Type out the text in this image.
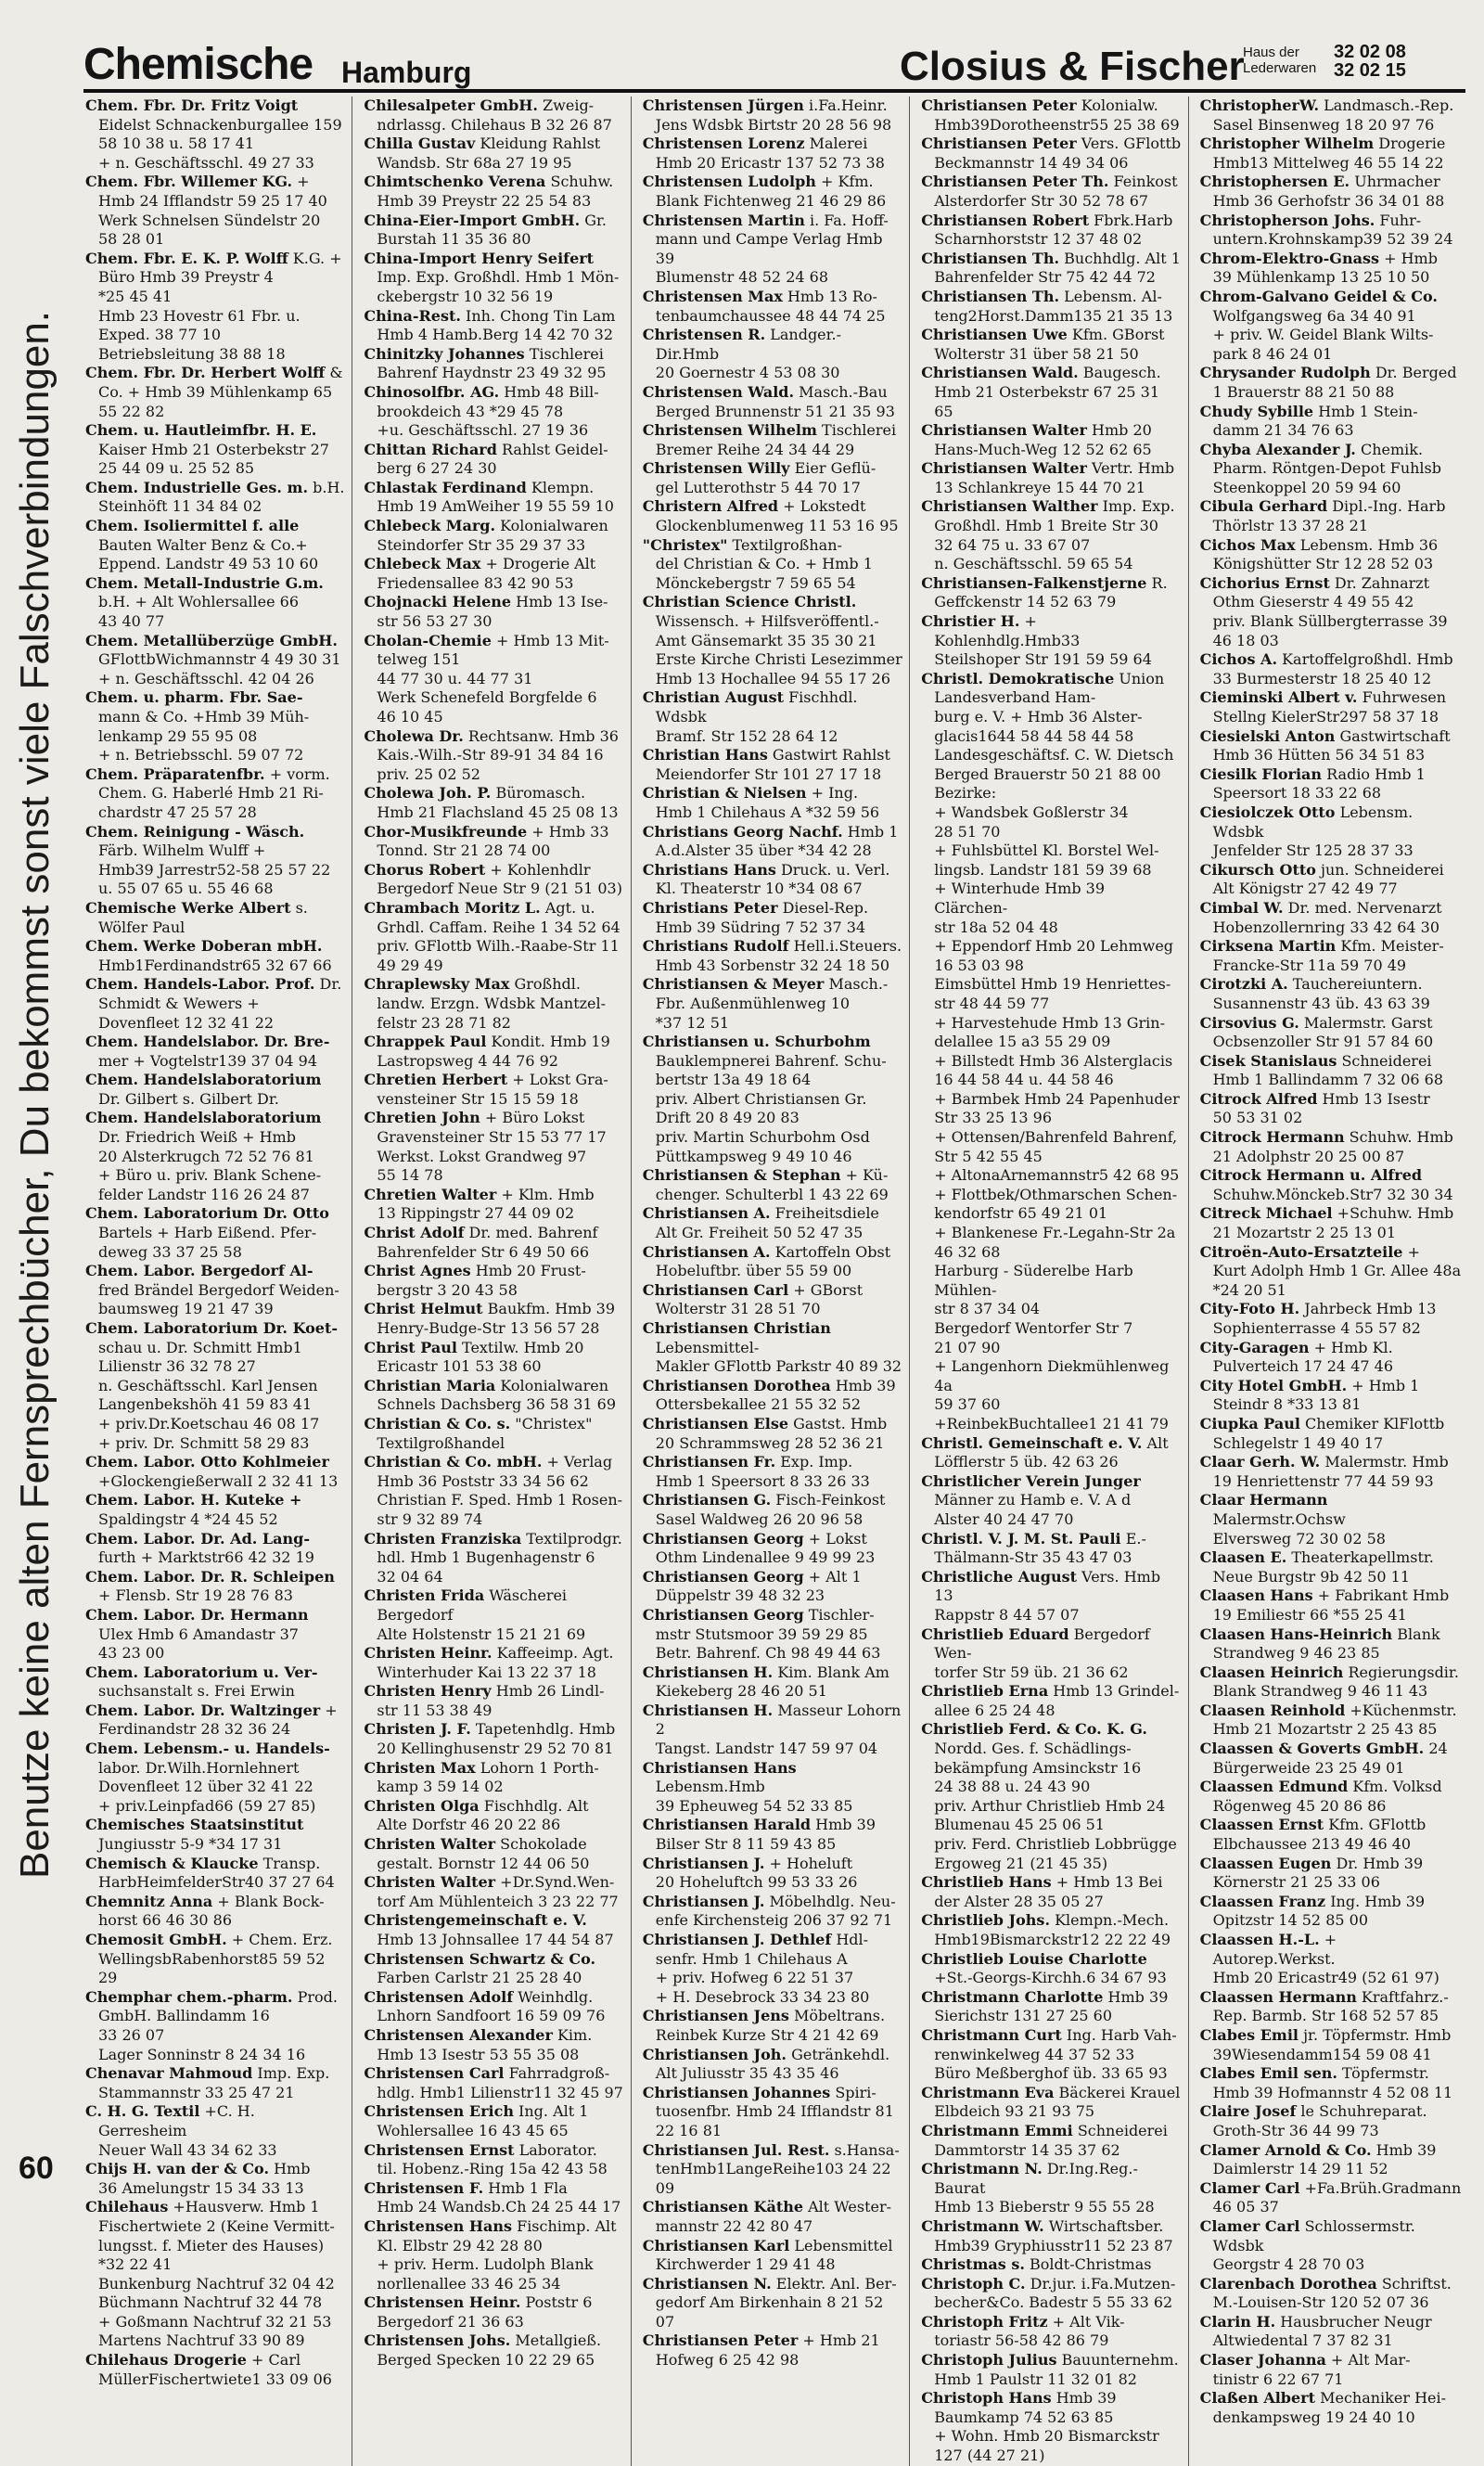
Chemische Hamburg	Closius & Fischer
Haus der Lederwaren
32 02 08
32 02 15
Benutze keine alten Fernsprechbücher, Du bekommst sonst viele Falschverbindungen.
60
Chem. Fbr. Dr. Fritz Voigt Eidelst Schnackenburgallee 159
58 10 38 u. 58 17 41
+ n. Geschäftsschl. 49 27 33
Chem. Fbr. Willemer KG. + Hmb 24 Ifflandstr 59 25 17 40
Werk Schnelsen Sündelstr 20
58 28 01
Chem. Fbr. E. K. P. Wolff K.G. + Büro Hmb 39 Preystr 4
*25 45 41
Hmb 23 Hovestr 61 Fbr. u.
Exped. 38 77 10
Betriebsleitung 38 88 18
Chem. Fbr. Dr. Herbert Wolff & Co. + Hmb 39 Mühlenkamp 65
55 22 82
Chem. u. Hautleimfbr. H. E. Kaiser Hmb 21 Osterbekstr 27
25 44 09 u. 25 52 85
Chem. Industrielle Ges. m. b.H. Steinhöft 11 34 84 02
Chem. Isoliermittel f. alle Bauten Walter Benz & Co.+
Eppend. Landstr 49 53 10 60
Chem. Metall-Industrie G.m. b.H. + Alt Wohlersallee 66
43 40 77
Chem. Metallüberzüge GmbH. GFlottbWichmannstr 4 49 30 31
+ n. Geschäftsschl. 42 04 26
Chem. u. pharm. Fbr. Sae- mann & Co. +Hmb 39 Müh-
lenkamp 29 55 95 08
+ n. Betriebsschl. 59 07 72
Chem. Präparatenfbr. + vorm.
Chem. G. Haberlé Hmb 21 Ri-
chardstr 47 25 57 28
Chem. Reinigung - Wäsch. Färb. Wilhelm Wulff +
Hmb39 Jarrestr52-58 25 57 22
u. 55 07 65 u. 55 46 68
Chemische Werke Albert s. Wölfer Paul
Chem. Werke Doberan mbH. Hmb1Ferdinandstr65 32 67 66
Chem. Handels-Labor. Prof. Dr. Schmidt & Wewers +
Dovenfleet 12 32 41 22
Chem. Handelslabor. Dr. Bre- mer + Vogtelstr139 37 04 94
Chem. Handelslaboratorium Dr. Gilbert s. Gilbert Dr.
Chem. Handelslaboratorium Dr. Friedrich Weiß + Hmb
20 Alsterkrugch 72 52 76 81
+ Büro u. priv. Blank Schene-
felder Landstr 116 26 24 87
Chem. Laboratorium Dr. Otto Bartels + Harb Eißend. Pfer-
deweg 33 37 25 58
Chem. Labor. Bergedorf Al- fred Brändel Bergedorf Weiden-
baumsweg 19 21 47 39
Chem. Laboratorium Dr. Koet- schau u. Dr. Schmitt Hmb1
Lilienstr 36 32 78 27
n. Geschäftsschl. Karl Jensen
Langenbekshöh 41 59 83 41
+ priv.Dr.Koetschau 46 08 17
+ priv. Dr. Schmitt 58 29 83
Chem. Labor. Otto Kohlmeier +GlockengießerwalI 2 32 41 13
Chem. Labor. H. Kuteke + Spaldingstr 4 *24 45 52
Chem. Labor. Dr. Ad. Lang- furth + Marktstr66 42 32 19
Chem. Labor. Dr. R. Schleipen + Flensb. Str 19 28 76 83
Chem. Labor. Dr. Hermann Ulex Hmb 6 Amandastr 37
43 23 00
Chem. Laboratorium u. Ver- suchsanstalt s. Frei Erwin
Chem. Labor. Dr. Waltzinger + Ferdinandstr 28 32 36 24
Chem. Lebensm.- u. Handels- labor. Dr.Wilh.Hornlehnert
Dovenfleet 12 über 32 41 22
+ priv.Leinpfad66 (59 27 85)
Chemisches Staatsinstitut Jungiusstr 5-9 *34 17 31
Chemisch & Klaucke Transp.
HarbHeimfelderStr40 37 27 64
Chemnitz Anna + Blank Bock-
horst 66 46 30 86
Chemosit GmbH. + Chem. Erz.
WellingsbRabenhorst85 59 52 29
Chemphar chem.-pharm. Prod. GmbH. Ballindamm 16
33 26 07
Lager Sonninstr 8 24 34 16
Chenavar Mahmoud Imp. Exp.
Stammannstr 33 25 47 21
C. H. G. Textil +C. H. Gerresheim
Neuer Wall 43 34 62 33
Chijs H. van der & Co. Hmb
36 Amelungstr 15 34 33 13
Chilehaus +Hausverw. Hmb 1
Fischertwiete 2 (Keine Vermitt-
lungsst. f. Mieter des Hauses)
*32 22 41
Bunkenburg Nachtruf 32 04 42
Büchmann Nachtruf 32 44 78
+ Goßmann Nachtruf 32 21 53
Martens Nachtruf 33 90 89
Chilehaus Drogerie + Carl
MüllerFischertwiete1 33 09 06
Chilesalpeter GmbH. Zweig-
ndrlassg. Chilehaus B 32 26 87
Chilla Gustav Kleidung Rahlst
Wandsb. Str 68a 27 19 95
Chimtschenko Verena Schuhw.
Hmb 39 Preystr 22 25 54 83
China-Eier-Import GmbH. Gr.
Burstah 11 35 36 80
China-Import Henry Seifert Imp. Exp. Großhdl. Hmb 1 Mön-
ckebergstr 10 32 56 19
China-Rest. Inh. Chong Tin Lam
Hmb 4 Hamb.Berg 14 42 70 32
Chinitzky Johannes Tischlerei
Bahrenf Haydnstr 23 49 32 95
Chinosolfbr. AG. Hmb 48 Bill-
brookdeich 43 *29 45 78
+u. Geschäftsschl. 27 19 36
Chittan Richard Rahlst Geidel-
berg 6 27 24 30
Chlastak Ferdinand Klempn.
Hmb 19 AmWeiher 19 55 59 10
Chlebeck Marg. Kolonialwaren
Steindorfer Str 35 29 37 33
Chlebeck Max + Drogerie Alt
Friedensallee 83 42 90 53
Chojnacki Helene Hmb 13 Ise-
str 56 53 27 30
Cholan-Chemie + Hmb 13 Mit-
telweg 151
44 77 30 u. 44 77 31
Werk Schenefeld Borgfelde 6
46 10 45
Cholewa Dr. Rechtsanw. Hmb 36
Kais.-Wilh.-Str 89-91 34 84 16
priv. 25 02 52
Cholewa Joh. P. Büromasch.
Hmb 21 Flachsland 45 25 08 13
Chor-Musikfreunde + Hmb 33
Tonnd. Str 21 28 74 00
Chorus Robert + Kohlenhdlr
Bergedorf Neue Str 9 (21 51 03)
Chrambach Moritz L. Agt. u.
Grhdl. Caffam. Reihe 1 34 52 64
priv. GFlottb Wilh.-Raabe-Str 11
49 29 49
Chraplewsky Max Großhdl.
landw. Erzgn. Wdsbk Mantzel-
felstr 23 28 71 82
Chrappek Paul Kondit. Hmb 19
Lastropsweg 4 44 76 92
Chretien Herbert + Lokst Gra-
vensteiner Str 15 15 59 18
Chretien John + Büro Lokst
Gravensteiner Str 15 53 77 17
Werkst. Lokst Grandweg 97
55 14 78
Chretien Walter + Klm. Hmb
13 Rippingstr 27 44 09 02
Christ Adolf Dr. med. Bahrenf
Bahrenfelder Str 6 49 50 66
Christ Agnes Hmb 20 Frust-
bergstr 3 20 43 58
Christ Helmut Baukfm. Hmb 39
Henry-Budge-Str 13 56 57 28
Christ Paul Textilw. Hmb 20
Ericastr 101 53 38 60
Christian Maria Kolonialwaren
Schnels Dachsberg 36 58 31 69
Christian & Co. s. "Christex"
Textilgroßhandel
Christian & Co. mbH. + Verlag
Hmb 36 Poststr 33 34 56 62
Christian F. Sped. Hmb 1 Rosen-
str 9 32 89 74
Christen Franziska Textilprodgr.
hdl. Hmb 1 Bugenhagenstr 6
32 04 64
Christen Frida Wäscherei Bergedorf
Alte Holstenstr 15 21 21 69
Christen Heinr. Kaffeeimp. Agt.
Winterhuder Kai 13 22 37 18
Christen Henry Hmb 26 Lindl-
str 11 53 38 49
Christen J. F. Tapetenhdlg. Hmb
20 Kellinghusenstr 29 52 70 81
Christen Max Lohorn 1 Porth-
kamp 3 59 14 02
Christen Olga Fischhdlg. Alt
Alte Dorfstr 46 20 22 86
Christen Walter Schokolade
gestalt. Bornstr 12 44 06 50
Christen Walter +Dr.Synd.Wen-
torf Am Mühlenteich 3 23 22 77
Christengemeinschaft e. V. Hmb 13 Johnsallee 17 44 54 87
Christensen Schwartz & Co. Farben Carlstr 21 25 28 40
Christensen Adolf Weinhdlg.
Lnhorn Sandfoort 16 59 09 76
Christensen Alexander Kim.
Hmb 13 Isestr 53 55 35 08
Christensen Carl Fahrradgroß-
hdlg. Hmb1 Lilienstr11 32 45 97
Christensen Erich Ing. Alt 1
Wohlersallee 16 43 45 65
Christensen Ernst Laborator.
til. Hobenz.-Ring 15a 42 43 58
Christensen F. Hmb 1 Fla
Hmb 24 Wandsb.Ch 24 25 44 17
Christensen Hans Fischimp. Alt
Kl. Elbstr 29 42 28 80
+ priv. Herm. Ludolph Blank
norllenallee 33 46 25 34
Christensen Heinr. Poststr 6
Bergedorf 21 36 63
Christensen Johs. Metallgieß.
Berged Specken 10 22 29 65
Christensen Jürgen i.Fa.Heinr.
Jens Wdsbk Birtstr 20 28 56 98
Christensen Lorenz Malerei
Hmb 20 Ericastr 137 52 73 38
Christensen Ludolph + Kfm.
Blank Fichtenweg 21 46 29 86
Christensen Martin i. Fa. Hoff-
mann und Campe Verlag Hmb 39
Blumenstr 48 52 24 68
Christensen Max Hmb 13 Ro-
tenbaumchaussee 48 44 74 25
Christensen R. Landger.-Dir.Hmb
20 Goernestr 4 53 08 30
Christensen Wald. Masch.-Bau
Berged Brunnenstr 51 21 35 93
Christensen Wilhelm Tischlerei
Bremer Reihe 24 34 44 29
Christensen Willy Eier Geflü-
gel Lutterothstr 5 44 70 17
Christern Alfred + Lokstedt
Glockenblumenweg 11 53 16 95
"Christex" Textilgroßhan-
del Christian & Co. + Hmb 1
Mönckebergstr 7 59 65 54
Christian Science Christl. Wissensch. + Hilfsveröffentl.-
Amt Gänsemarkt 35 35 30 21
Erste Kirche Christi Lesezimmer
Hmb 13 Hochallee 94 55 17 26
Christian August Fischhdl. Wdsbk
Bramf. Str 152 28 64 12
Christian Hans Gastwirt Rahlst
Meiendorfer Str 101 27 17 18
Christian & Nielsen + Ing.
Hmb 1 Chilehaus A *32 59 56
Christians Georg Nachf. Hmb 1
A.d.Alster 35 über *34 42 28
Christians Hans Druck. u. Verl.
Kl. Theaterstr 10 *34 08 67
Christians Peter Diesel-Rep.
Hmb 39 Südring 7 52 37 34
Christians Rudolf Hell.i.Steuers.
Hmb 43 Sorbenstr 32 24 18 50
Christiansen & Meyer Masch.-
Fbr. Außenmühlenweg 10
*37 12 51
Christiansen u. Schurbohm Bauklempnerei Bahrenf. Schu-
bertstr 13a 49 18 64
priv. Albert Christiansen Gr.
Drift 20 8 49 20 83
priv. Martin Schurbohm Osd
Püttkampsweg 9 49 10 46
Christiansen & Stephan + Kü-
chenger. Schulterbl 1 43 22 69
Christiansen A. Freiheitsdiele
Alt Gr. Freiheit 50 52 47 35
Christiansen A. Kartoffeln Obst
Hobeluftbr. über 55 59 00
Christiansen Carl + GBorst
Wolterstr 31 28 51 70
Christiansen Christian Lebensmittel-
Makler GFlottb Parkstr 40 89 32
Christiansen Dorothea Hmb 39
Ottersbekallee 21 55 32 52
Christiansen Else Gastst. Hmb
20 Schrammsweg 28 52 36 21
Christiansen Fr. Exp. Imp.
Hmb 1 Speersort 8 33 26 33
Christiansen G. Fisch-Feinkost
Sasel Waldweg 26 20 96 58
Christiansen Georg + Lokst
Othm Lindenallee 9 49 99 23
Christiansen Georg + Alt 1 Düppelstr 39 48 32 23
Christiansen Georg Tischler-
mstr Stutsmoor 39 59 29 85
Betr. Bahrenf. Ch 98 49 44 63
Christiansen H. Kim. Blank Am
Kiekeberg 28 46 20 51
Christiansen H. Masseur Lohorn 2
Tangst. Landstr 147 59 97 04
Christiansen Hans Lebensm.Hmb
39 Epheuweg 54 52 33 85
Christiansen Harald Hmb 39
Bilser Str 8 11 59 43 85
Christiansen J. + Hoheluft
20 Hoheluftch 99 53 33 26
Christiansen J. Möbelhdlg. Neu-
enfe Kirchensteig 206 37 92 71
Christiansen J. Dethlef Hdl-
senfr. Hmb 1 Chilehaus A
+ priv. Hofweg 6 22 51 37
+ H. Desebrock 33 34 23 80
Christiansen Jens Möbeltrans.
Reinbek Kurze Str 4 21 42 69
Christiansen Joh. Getränkehdl.
Alt Juliusstr 35 43 35 46
Christiansen Johannes Spiri-
tuosenfbr. Hmb 24 Ifflandstr 81
22 16 81
Christiansen Jul. Rest. s.Hansa-
tenHmb1LangeReihe103 24 22 09
Christiansen Käthe Alt Wester-
mannstr 22 42 80 47
Christiansen Karl Lebensmittel
Kirchwerder 1 29 41 48
Christiansen N. Elektr. Anl. Ber-
gedorf Am Birkenhain 8 21 52 07
Christiansen Peter + Hmb 21
Hofweg 6 25 42 98
Christiansen Peter Kolonialw.
Hmb39Dorotheenstr55 25 38 69
Christiansen Peter Vers. GFlottb
Beckmannstr 14 49 34 06
Christiansen Peter Th. Feinkost
Alsterdorfer Str 30 52 78 67
Christiansen Robert Fbrk.Harb
Scharnhorststr 12 37 48 02
Christiansen Th. Buchhdlg. Alt 1
Bahrenfelder Str 75 42 44 72
Christiansen Th. Lebensm. Al-
teng2Horst.Damm135 21 35 13
Christiansen Uwe Kfm. GBorst
Wolterstr 31 über 58 21 50
Christiansen Wald. Baugesch.
Hmb 21 Osterbekstr 67 25 31 65
Christiansen Walter Hmb 20
Hans-Much-Weg 12 52 62 65
Christiansen Walter Vertr. Hmb
13 Schlankreye 15 44 70 21
Christiansen Walther Imp. Exp.
Großhdl. Hmb 1 Breite Str 30
32 64 75 u. 33 67 07
n. Geschäftsschl. 59 65 54
Christiansen-Falkenstjerne R. Geffckenstr 14 52 63 79
Christier H. + Kohlenhdlg.Hmb33
Steilshoper Str 191 59 59 64
Christl. Demokratische Union Landesverband Ham-
burg e. V. + Hmb 36 Alster-
glacis1644 58 44 58 44 58
Landesgeschäftsf. C. W. Dietsch
Berged Brauerstr 50 21 88 00
Bezirke:
+ Wandsbek Goßlerstr 34
28 51 70
+ Fuhlsbüttel Kl. Borstel Wel-
lingsb. Landstr 181 59 39 68
+ Winterhude Hmb 39 Clärchen-
str 18a 52 04 48
+ Eppendorf Hmb 20 Lehmweg
16 53 03 98
Eimsbüttel Hmb 19 Henriettes-
str 48 44 59 77
+ Harvestehude Hmb 13 Grin-
delallee 15 a3 55 29 09
+ Billstedt Hmb 36 Alsterglacis
16 44 58 44 u. 44 58 46
+ Barmbek Hmb 24 Papenhuder
Str 33 25 13 96
+ Ottensen/Bahrenfeld Bahrenf,
Str 5 42 55 45
+ AltonaArnemannstr5 42 68 95
+ Flottbek/Othmarschen Schen-
kendorfstr 65 49 21 01
+ Blankenese Fr.-Legahn-Str 2a
46 32 68
Harburg - Süderelbe Harb Mühlen-
str 8 37 34 04
Bergedorf Wentorfer Str 7
21 07 90
+ Langenhorn Diekmühlenweg 4a
59 37 60
+ReinbekBuchtallee1 21 41 79
Christl. Gemeinschaft e. V. Alt Löfflerstr 5 üb. 42 63 26
Christlicher Verein Junger Männer zu Hamb e. V. A d
Alster 40 24 47 70
Christl. V. J. M. St. Pauli E.-Thälmann-Str 35 43 47 03
Christliche August Vers. Hmb 13
Rappstr 8 44 57 07
Christlieb Eduard Bergedorf Wen-
torfer Str 59 üb. 21 36 62
Christlieb Erna Hmb 13 Grindel-
allee 6 25 24 48
Christlieb Ferd. & Co. K. G. Nordd. Ges. f. Schädlings-
bekämpfung Amsinckstr 16
24 38 88 u. 24 43 90
priv. Arthur Christlieb Hmb 24
Blumenau 45 25 06 51
priv. Ferd. Christlieb Lobbrügge
Ergoweg 21 (21 45 35)
Christlieb Hans + Hmb 13 Bei
der Alster 28 35 05 27
Christlieb Johs. Klempn.-Mech.
Hmb19Bismarckstr12 22 22 49
Christlieb Louise Charlotte +St.-Georgs-Kirchh.6 34 67 93
Christmann Charlotte Hmb 39
Sierichstr 131 27 25 60
Christmann Curt Ing. Harb Vah-
renwinkelweg 44 37 52 33
Büro Meßberghof üb. 33 65 93
Christmann Eva Bäckerei Krauel
Elbdeich 93 21 93 75
Christmann Emmi Schneiderei
Dammtorstr 14 35 37 62
Christmann N. Dr.Ing.Reg.-Baurat
Hmb 13 Bieberstr 9 55 55 28
Christmann W. Wirtschaftsber.
Hmb39 Gryphiusstr11 52 23 87
Christmas s. Boldt-Christmas
Christoph C. Dr.jur. i.Fa.Mutzen-
becher&Co. Badestr 5 55 33 62
Christoph Fritz + Alt Vik-
toriastr 56-58 42 86 79
Christoph Julius Bauunternehm.
Hmb 1 Paulstr 11 32 01 82
Christoph Hans Hmb 39
Baumkamp 74 52 63 85
+ Wohn. Hmb 20 Bismarckstr
127 (44 27 21)
ChristopherW. Landmasch.-Rep.
Sasel Binsenweg 18 20 97 76
Christopher Wilhelm Drogerie
Hmb13 Mittelweg 46 55 14 22
Christophersen E. Uhrmacher
Hmb 36 Gerhofstr 36 34 01 88
Christopherson Johs. Fuhr-
untern.Krohnskamp39 52 39 24
Chrom-Elektro-Gnass + Hmb
39 Mühlenkamp 13 25 10 50
Chrom-Galvano Geidel & Co. Wolfgangsweg 6a 34 40 91
+ priv. W. Geidel Blank Wilts-
park 8 46 24 01
Chrysander Rudolph Dr. Berged
1 Brauerstr 88 21 50 88
Chudy Sybille Hmb 1 Stein-
damm 21 34 76 63
Chyba Alexander J. Chemik.
Pharm. Röntgen-Depot Fuhlsb
Steenkoppel 20 59 94 60
Cibula Gerhard Dipl.-Ing. Harb
Thörlstr 13 37 28 21
Cichos Max Lebensm. Hmb 36
Königshütter Str 12 28 52 03
Cichorius Ernst Dr. Zahnarzt
Othm Gieserstr 4 49 55 42
priv. Blank Süllbergterrasse 39
46 18 03
Cichos A. Kartoffelgroßhdl. Hmb
33 Burmesterstr 18 25 40 12
Cieminski Albert v. Fuhrwesen
Stellng KielerStr297 58 37 18
Ciesielski Anton Gastwirtschaft
Hmb 36 Hütten 56 34 51 83
Ciesilk Florian Radio Hmb 1
Speersort 18 33 22 68
Ciesiolczek Otto Lebensm. Wdsbk
Jenfelder Str 125 28 37 33
Cikursch Otto jun. Schneiderei
Alt Königstr 27 42 49 77
Cimbal W. Dr. med. Nervenarzt
Hobenzollernring 33 42 64 30
Cirksena Martin Kfm. Meister-
Francke-Str 11a 59 70 49
Cirotzki A. Tauchereiuntern.
Susannenstr 43 üb. 43 63 39
Cirsovius G. Malermstr. Garst
Ocbsenzoller Str 91 57 84 60
Cisek Stanislaus Schneiderei
Hmb 1 Ballindamm 7 32 06 68
Citrock Alfred Hmb 13 Isestr
50 53 31 02
Citrock Hermann Schuhw. Hmb
21 Adolphstr 20 25 00 87
Citrock Hermann u. Alfred Schuhw.Mönckeb.Str7 32 30 34
Citreck Michael +Schuhw. Hmb
21 Mozartstr 2 25 13 01
Citroën-Auto-Ersatzteile +
Kurt Adolph Hmb 1 Gr. Allee 48a
*24 20 51
City-Foto H. Jahrbeck Hmb 13
Sophienterrasse 4 55 57 82
City-Garagen + Hmb Kl.
Pulverteich 17 24 47 46
City Hotel GmbH. + Hmb 1
Steindr 8 *33 13 81
Ciupka Paul Chemiker KlFlottb
Schlegelstr 1 49 40 17
Claar Gerh. W. Malermstr. Hmb
19 Henriettenstr 77 44 59 93
Claar Hermann Malermstr.Ochsw
Elversweg 72 30 02 58
Claasen E. Theaterkapellmstr.
Neue Burgstr 9b 42 50 11
Claasen Hans + Fabrikant Hmb
19 Emiliestr 66 *55 25 41
Claasen Hans-Heinrich Blank
Strandweg 9 46 23 85
Claasen Heinrich Regierungsdir.
Blank Strandweg 9 46 11 43
Claasen Reinhold +Küchenmstr.
Hmb 21 Mozartstr 2 25 43 85
Claassen & Goverts GmbH. 24 Bürgerweide 23 25 49 01
Claassen Edmund Kfm. Volksd
Rögenweg 45 20 86 86
Claassen Ernst Kfm. GFlottb
Elbchaussee 213 49 46 40
Claassen Eugen Dr. Hmb 39
Körnerstr 21 25 33 06
Claassen Franz Ing. Hmb 39
Opitzstr 14 52 85 00
Claassen H.-L. + Autorep.Werkst.
Hmb 20 Ericastr49 (52 61 97)
Claassen Hermann Kraftfahrz.-
Rep. Barmb. Str 168 52 57 85
Clabes Emil jr. Töpfermstr. Hmb
39Wiesendamm154 59 08 41
Clabes Emil sen. Töpfermstr.
Hmb 39 Hofmannstr 4 52 08 11
Claire Josef le Schuhreparat.
Groth-Str 36 44 99 73
Clamer Arnold & Co. Hmb 39
Daimlerstr 14 29 11 52
Clamer Carl +Fa.Brüh.Gradmann 46 05 37
Clamer Carl Schlossermstr. Wdsbk
Georgstr 4 28 70 03
Clarenbach Dorothea Schriftst.
M.-Louisen-Str 120 52 07 36
Clarin H. Hausbrucher Neugr
Altwiedental 7 37 82 31
Claser Johanna + Alt Mar-
tinistr 6 22 67 71
Claßen Albert Mechaniker Hei-
denkampsweg 19 24 40 10
